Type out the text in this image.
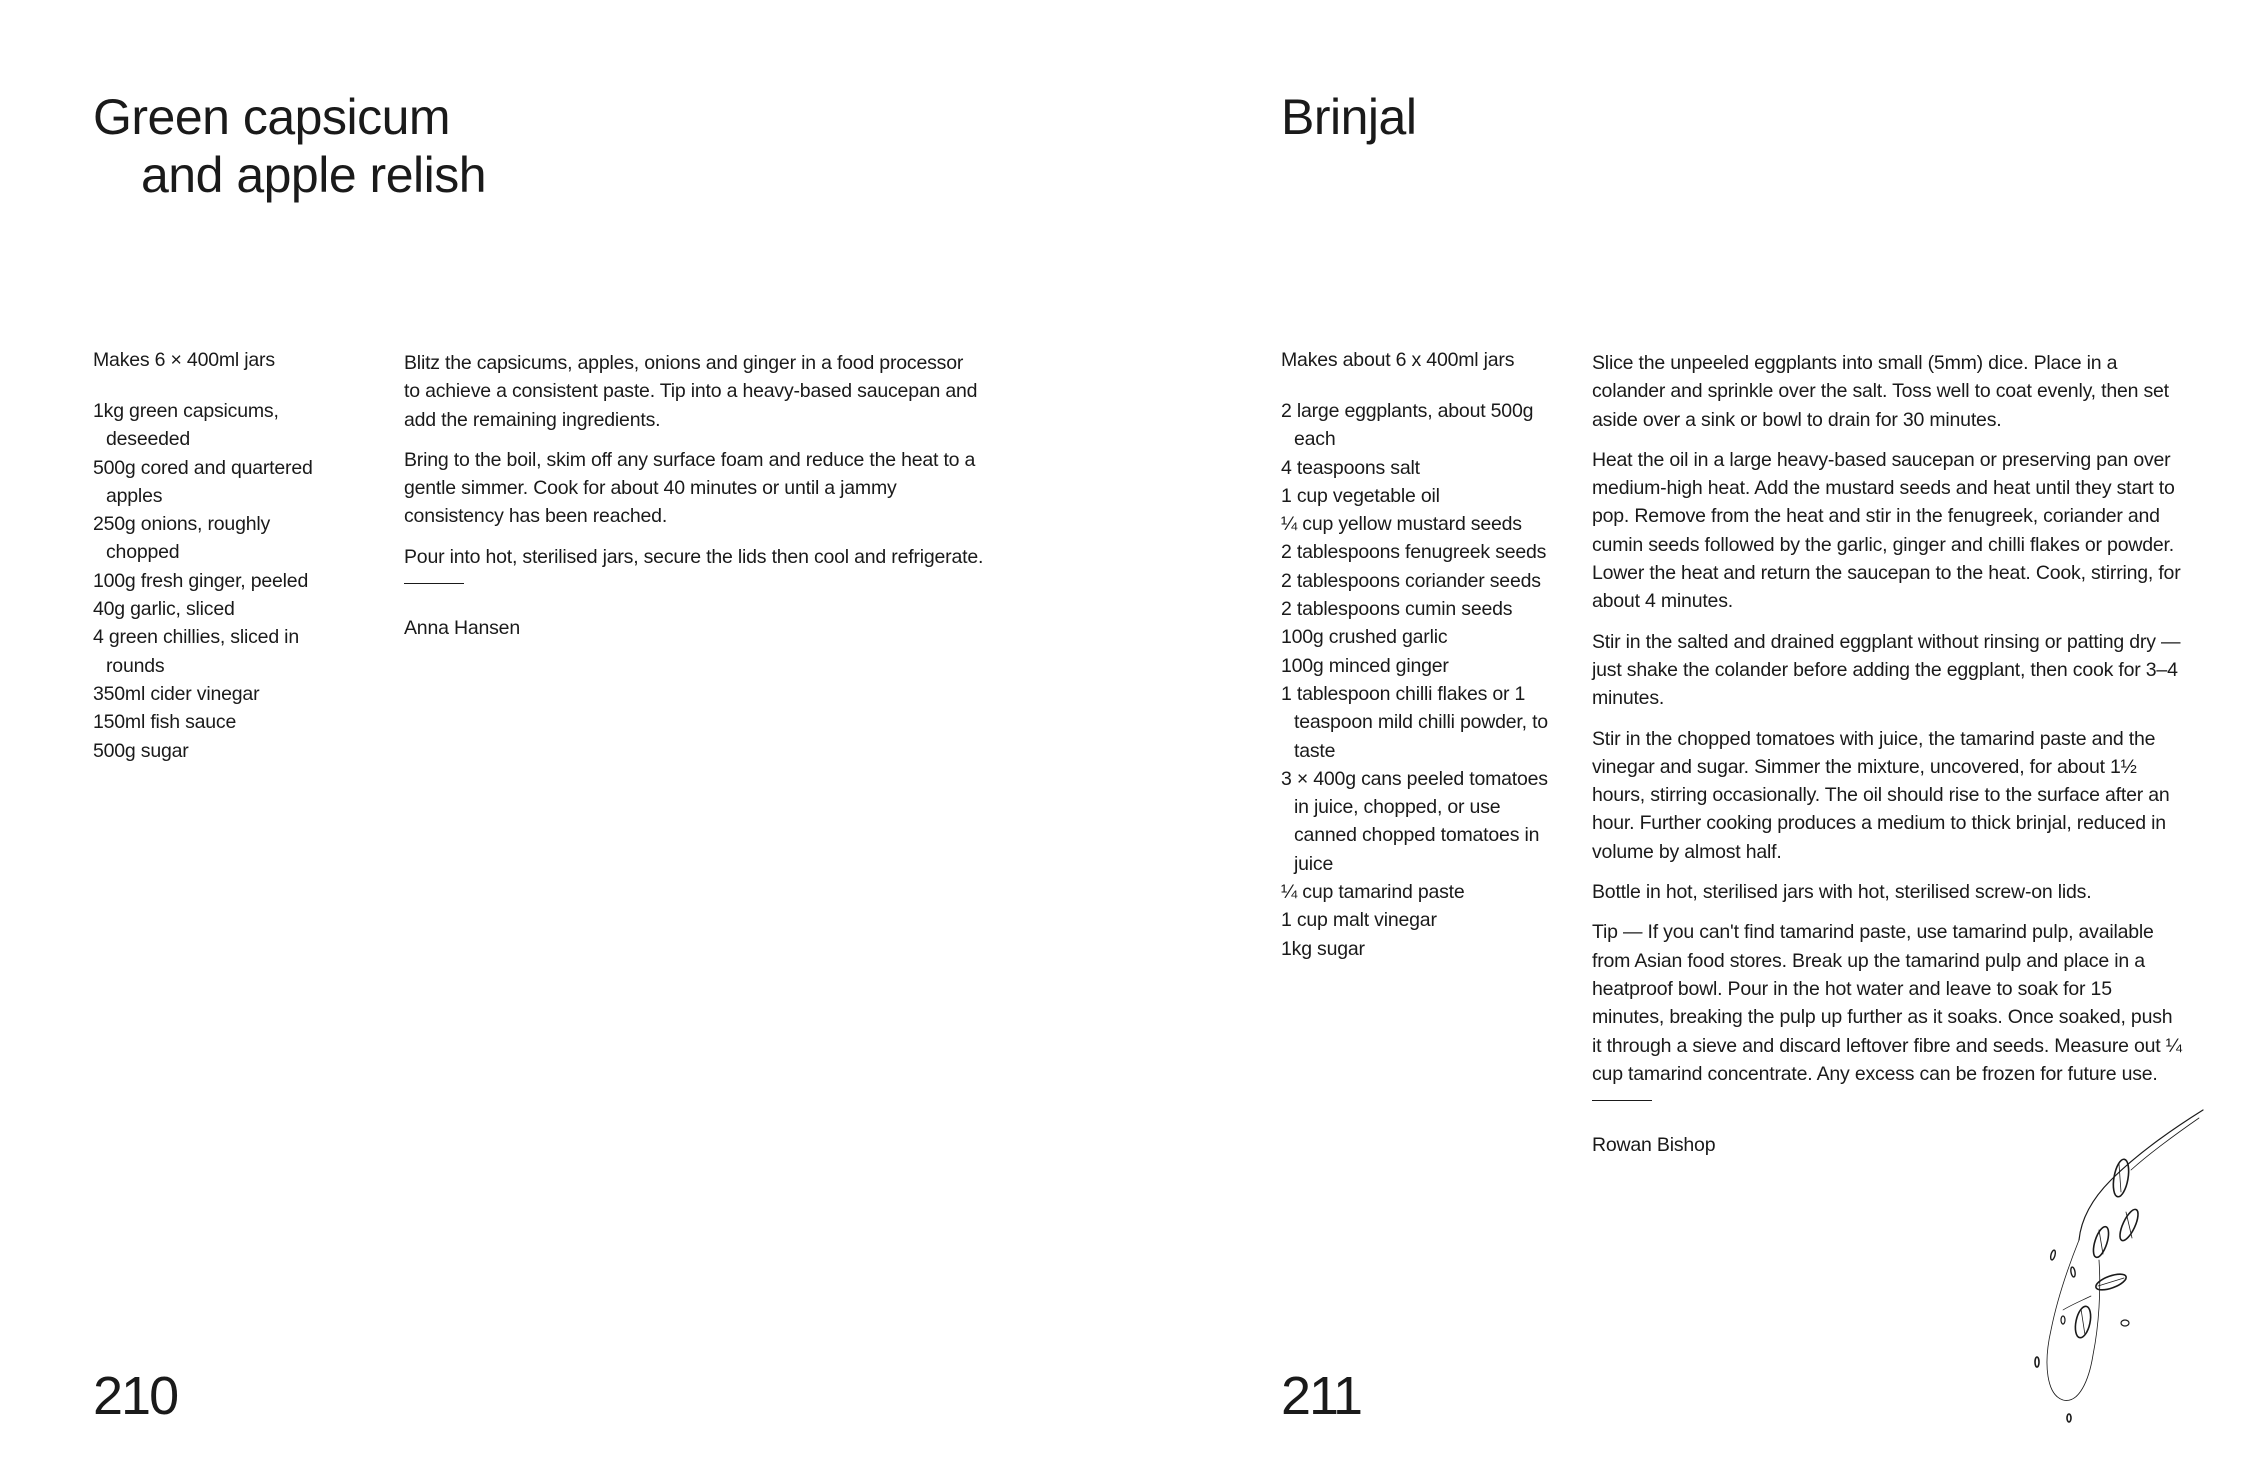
Green capsicum
and apple relish
Makes 6 × 400ml jars
1kg green capsicums, deseeded
500g cored and quartered apples
250g onions, roughly chopped
100g fresh ginger, peeled
40g garlic, sliced
4 green chillies, sliced in rounds
350ml cider vinegar
150ml fish sauce
500g sugar

Blitz the capsicums, apples, onions and ginger in a food processor to achieve a consistent paste. Tip into a heavy-based saucepan and add the remaining ingredients.

Bring to the boil, skim off any surface foam and reduce the heat to a gentle simmer. Cook for about 40 minutes or until a jammy consistency has been reached.

Pour into hot, sterilised jars, secure the lids then cool and refrigerate.

Anna Hansen
210
Brinjal
Makes about 6 x 400ml jars
2 large eggplants, about 500g each
4 teaspoons salt
1 cup vegetable oil
¼ cup yellow mustard seeds
2 tablespoons fenugreek seeds
2 tablespoons coriander seeds
2 tablespoons cumin seeds
100g crushed garlic
100g minced ginger
1 tablespoon chilli flakes or 1 teaspoon mild chilli powder, to taste
3 × 400g cans peeled tomatoes in juice, chopped, or use canned chopped tomatoes in juice
¼ cup tamarind paste
1 cup malt vinegar
1kg sugar

Slice the unpeeled eggplants into small (5mm) dice. Place in a colander and sprinkle over the salt. Toss well to coat evenly, then set aside over a sink or bowl to drain for 30 minutes.

Heat the oil in a large heavy-based saucepan or preserving pan over medium-high heat. Add the mustard seeds and heat until they start to pop. Remove from the heat and stir in the fenugreek, coriander and cumin seeds followed by the garlic, ginger and chilli flakes or powder. Lower the heat and return the saucepan to the heat. Cook, stirring, for about 4 minutes.

Stir in the salted and drained eggplant without rinsing or patting dry — just shake the colander before adding the eggplant, then cook for 3–4 minutes.

Stir in the chopped tomatoes with juice, the tamarind paste and the vinegar and sugar. Simmer the mixture, uncovered, for about 1½ hours, stirring occasionally. The oil should rise to the surface after an hour. Further cooking produces a medium to thick brinjal, reduced in volume by almost half.

Bottle in hot, sterilised jars with hot, sterilised screw-on lids.

Tip — If you can't find tamarind paste, use tamarind pulp, available from Asian food stores. Break up the tamarind pulp and place in a heatproof bowl. Pour in the hot water and leave to soak for 15 minutes, breaking the pulp up further as it soaks. Once soaked, push it through a sieve and discard leftover fibre and seeds. Measure out ¼ cup tamarind concentrate. Any excess can be frozen for future use.

Rowan Bishop
211
